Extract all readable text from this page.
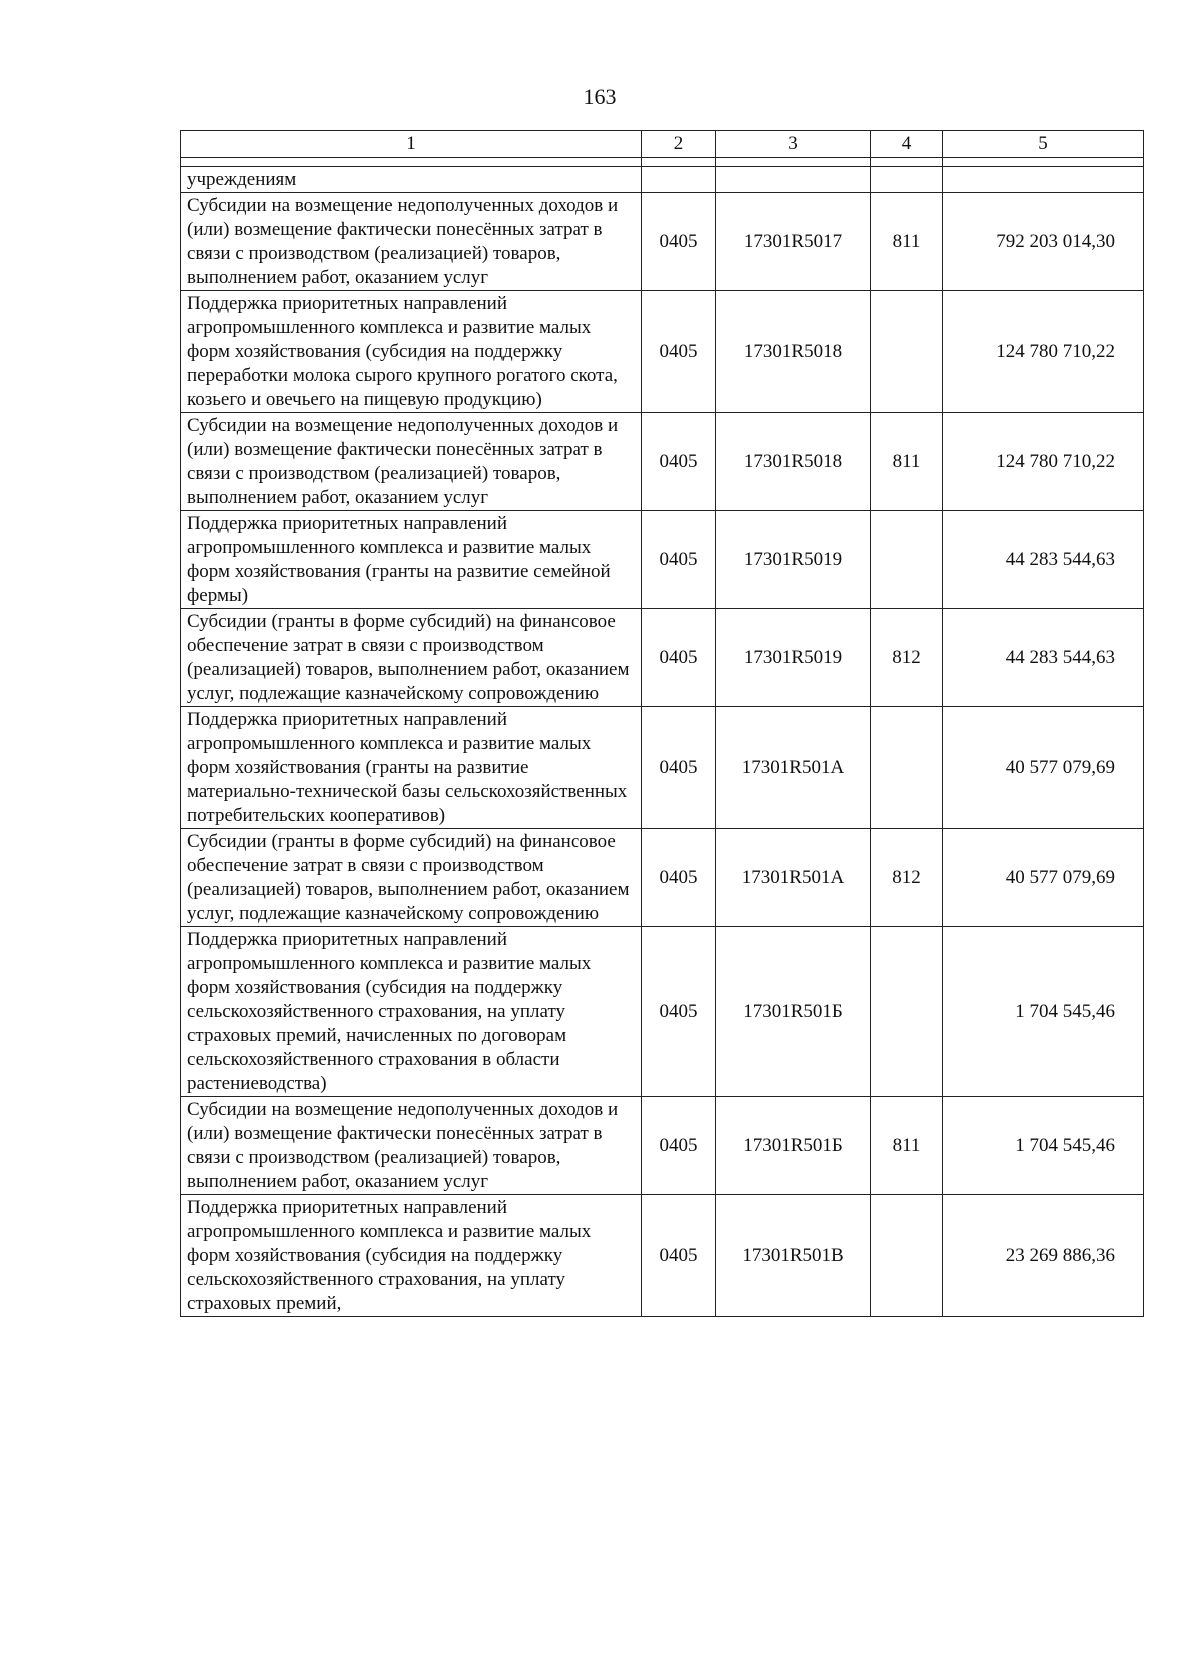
163
1	2	3	4	5

учреждениям				
Субсидии на возмещение недополученных доходов и (или) возмещение фактически понесённых затрат в связи с производством (реализацией) товаров, выполнением работ, оказанием услуг	0405	17301R5017	811	792 203 014,30
Поддержка приоритетных направлений агропромышленного комплекса и развитие малых форм хозяйствования (субсидия на поддержку переработки молока сырого крупного рогатого скота, козьего и овечьего на пищевую продукцию)	0405	17301R5018		124 780 710,22
Субсидии на возмещение недополученных доходов и (или) возмещение фактически понесённых затрат в связи с производством (реализацией) товаров, выполнением работ, оказанием услуг	0405	17301R5018	811	124 780 710,22
Поддержка приоритетных направлений агропромышленного комплекса и развитие малых форм хозяйствования (гранты на развитие семейной фермы)	0405	17301R5019		44 283 544,63
Субсидии (гранты в форме субсидий) на финансовое обеспечение затрат в связи с производством (реализацией) товаров, выполнением работ, оказанием услуг, подлежащие казначейскому сопровождению	0405	17301R5019	812	44 283 544,63
Поддержка приоритетных направлений агропромышленного комплекса и развитие малых форм хозяйствования (гранты на развитие материально-технической базы сельскохозяйственных потребительских кооперативов)	0405	17301R501A		40 577 079,69
Субсидии (гранты в форме субсидий) на финансовое обеспечение затрат в связи с производством (реализацией) товаров, выполнением работ, оказанием услуг, подлежащие казначейскому сопровождению	0405	17301R501A	812	40 577 079,69
Поддержка приоритетных направлений агропромышленного комплекса и развитие малых форм хозяйствования (субсидия на поддержку сельскохозяйственного страхования, на уплату страховых премий, начисленных по договорам сельскохозяйственного страхования в области растениеводства)	0405	17301R501Б		1 704 545,46
Субсидии на возмещение недополученных доходов и (или) возмещение фактически понесённых затрат в связи с производством (реализацией) товаров, выполнением работ, оказанием услуг	0405	17301R501Б	811	1 704 545,46
Поддержка приоритетных направлений агропромышленного комплекса и развитие малых форм хозяйствования (субсидия на поддержку сельскохозяйственного страхования, на уплату страховых премий,	0405	17301R501В		23 269 886,36
